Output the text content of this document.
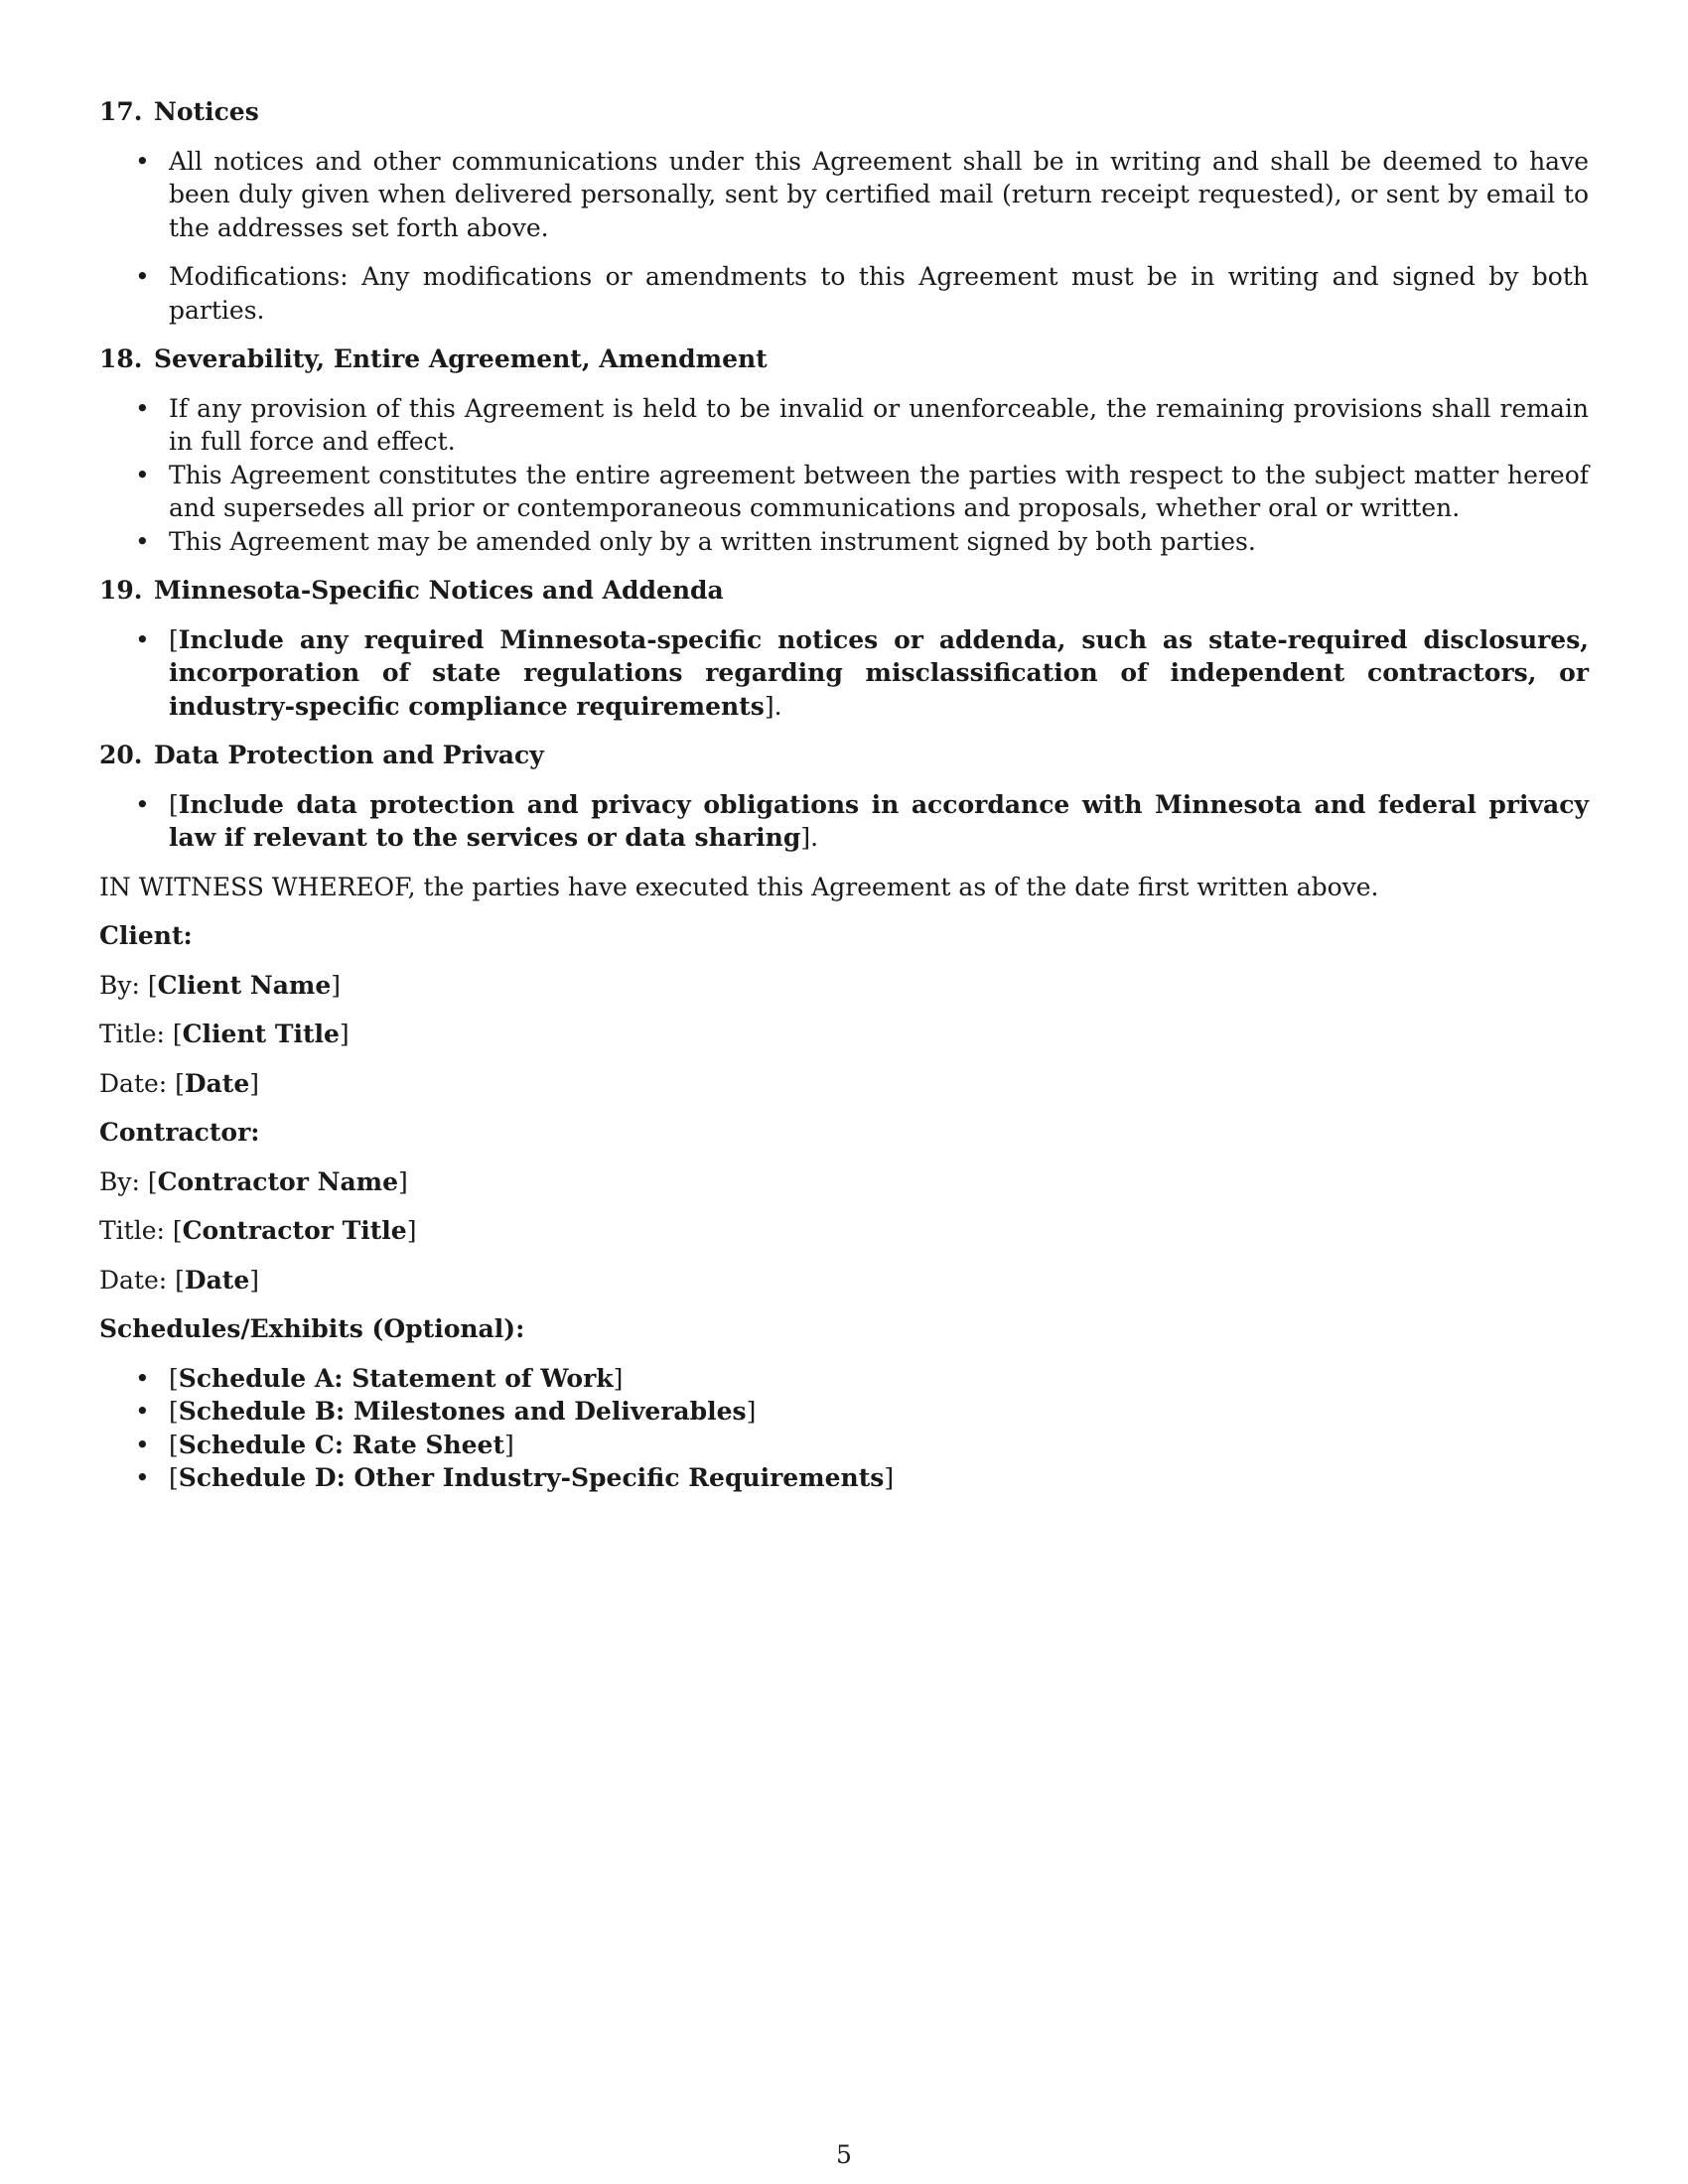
17. Notices
• All notices and other communications under this Agreement shall be in writing and shall be deemed to have been duly given when delivered personally, sent by certified mail (return receipt requested), or sent by email to the addresses set forth above.
• Modifications: Any modifications or amendments to this Agreement must be in writing and signed by both parties.
18. Severability, Entire Agreement, Amendment
• If any provision of this Agreement is held to be invalid or unenforceable, the remaining provisions shall remain in full force and effect.
• This Agreement constitutes the entire agreement between the parties with respect to the subject matter hereof and supersedes all prior or contemporaneous communications and proposals, whether oral or written.
• This Agreement may be amended only by a written instrument signed by both parties.
19. Minnesota-Specific Notices and Addenda
• [Include any required Minnesota-specific notices or addenda, such as state-required disclosures, incorporation of state regulations regarding misclassification of independent contractors, or industry-specific compliance requirements].
20. Data Protection and Privacy
• [Include data protection and privacy obligations in accordance with Minnesota and federal privacy law if relevant to the services or data sharing].

IN WITNESS WHEREOF, the parties have executed this Agreement as of the date first written above.

Client:

By: [Client Name]

Title: [Client Title]

Date: [Date]

Contractor:

By: [Contractor Name]

Title: [Contractor Title]

Date: [Date]

Schedules/Exhibits (Optional):

• [Schedule A: Statement of Work]
• [Schedule B: Milestones and Deliverables]
• [Schedule C: Rate Sheet]
• [Schedule D: Other Industry-Specific Requirements]
5
